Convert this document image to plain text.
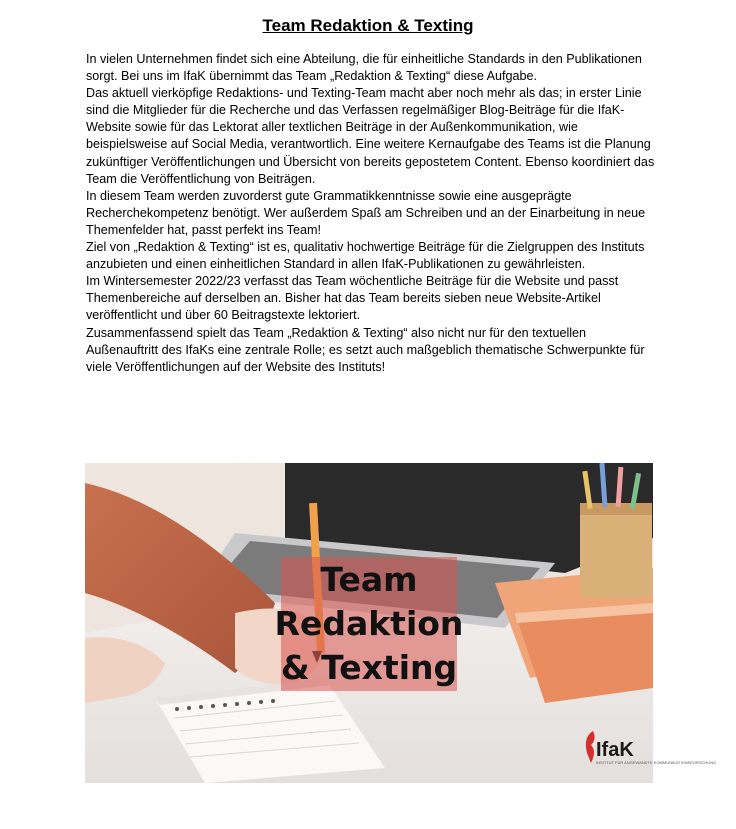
Team Redaktion & Texting

In vielen Unternehmen findet sich eine Abteilung, die für einheitliche Standards in den Publikationen sorgt. Bei uns im IfaK übernimmt das Team „Redaktion & Texting“ diese Aufgabe.

Das aktuell vierköpfige Redaktions- und Texting-Team macht aber noch mehr als das; in erster Linie sind die Mitglieder für die Recherche und das Verfassen regelmäßiger Blog-Beiträge für die IfaK-Website sowie für das Lektorat aller textlichen Beiträge in der Außenkommunikation, wie beispielsweise auf Social Media, verantwortlich. Eine weitere Kernaufgabe des Teams ist die Planung zukünftiger Veröffentlichungen und Übersicht von bereits gepostetem Content. Ebenso koordiniert das Team die Veröffentlichung von Beiträgen.

In diesem Team werden zuvorderst gute Grammatikkenntnisse sowie eine ausgeprägte Recherchekompetenz benötigt. Wer außerdem Spaß am Schreiben und an der Einarbeitung in neue Themenfelder hat, passt perfekt ins Team!

Ziel von „Redaktion & Texting“ ist es, qualitativ hochwertige Beiträge für die Zielgruppen des Instituts anzubieten und einen einheitlichen Standard in allen IfaK-Publikationen zu gewährleisten.

Im Wintersemester 2022/23 verfasst das Team wöchentliche Beiträge für die Website und passt Themenbereiche auf derselben an. Bisher hat das Team bereits sieben neue Website-Artikel veröffentlicht und über 60 Beitragstexte lektoriert.

Zusammenfassend spielt das Team „Redaktion & Texting“ also nicht nur für den textuellen Außenauftritt des IfaKs eine zentrale Rolle; es setzt auch maßgeblich thematische Schwerpunkte für viele Veröffentlichungen auf der Website des Instituts!

Team
Redaktion
& Texting
IfaK
INSTITUT FÜR ANGEWANDTE KOMMUNIKATIONSFORSCHUNG
